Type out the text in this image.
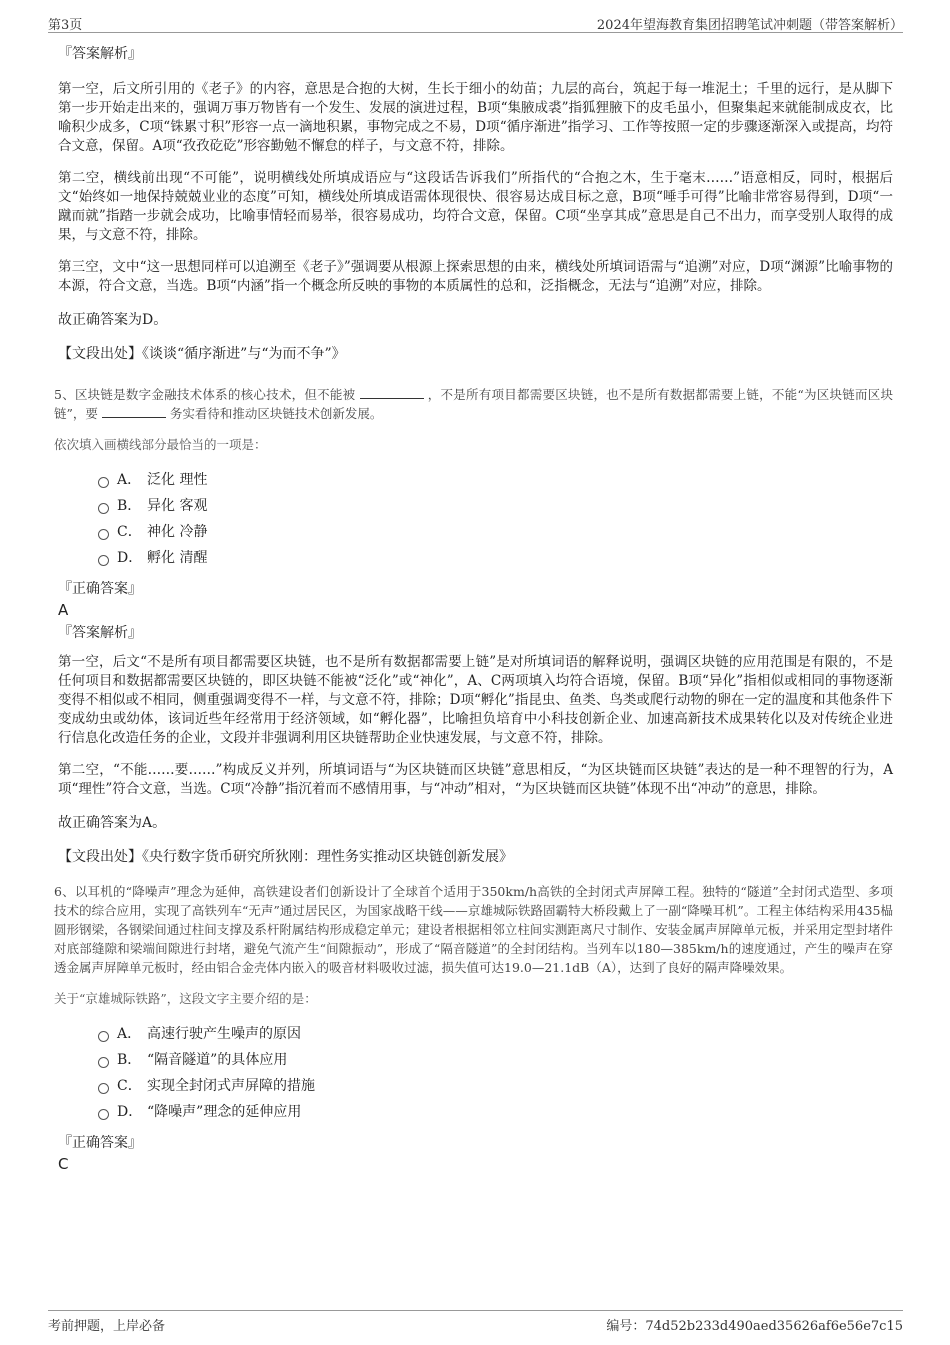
第3页	2024年望海教育集团招聘笔试冲刺题（带答案解析）
『答案解析』

第一空，后文所引用的《老子》的内容，意思是合抱的大树，生长于细小的幼苗；九层的高台，筑起于每一堆泥土；千里的远行，是从脚下第一步开始走出来的，强调万事万物皆有一个发生、发展的演进过程，B项“集腋成裘”指狐狸腋下的皮毛虽小，但聚集起来就能制成皮衣，比喻积少成多，C项“铢累寸积”形容一点一滴地积累，事物完成之不易，D项“循序渐进”指学习、工作等按照一定的步骤逐渐深入或提高，均符合文意，保留。A项“孜孜矻矻”形容勤勉不懈怠的样子，与文意不符，排除。

第二空，横线前出现“不可能”，说明横线处所填成语应与“这段话告诉我们”所指代的“合抱之木，生于毫末……”语意相反，同时，根据后文“始终如一地保持兢兢业业的态度”可知，横线处所填成语需体现很快、很容易达成目标之意，B项“唾手可得”比喻非常容易得到，D项“一蹴而就”指踏一步就会成功，比喻事情轻而易举，很容易成功，均符合文意，保留。C项“坐享其成”意思是自己不出力，而享受别人取得的成果，与文意不符，排除。

第三空，文中“这一思想同样可以追溯至《老子》”强调要从根源上探索思想的由来，横线处所填词语需与“追溯”对应，D项“渊源”比喻事物的本源，符合文意，当选。B项“内涵”指一个概念所反映的事物的本质属性的总和，泛指概念，无法与“追溯”对应，排除。

故正确答案为D。
【文段出处】《谈谈“循序渐进”与“为而不争”》
5、区块链是数字金融技术体系的核心技术，但不能被	，不是所有项目都需要区块链，也不是所有数据都需要上链，不能“为区块链而区块链”，要	务实看待和推动区块链技术创新发展。
依次填入画横线部分最恰当的一项是：
A． 泛化 理性
B． 异化 客观
C． 神化 冷静
D． 孵化 清醒
『正确答案』
A
『答案解析』

第一空，后文“不是所有项目都需要区块链，也不是所有数据都需要上链”是对所填词语的解释说明，强调区块链的应用范围是有限的，不是任何项目和数据都需要区块链的，即区块链不能被“泛化”或“神化”，A、C两项填入均符合语境，保留。B项“异化”指相似或相同的事物逐渐变得不相似或不相同，侧重强调变得不一样，与文意不符，排除；D项“孵化”指昆虫、鱼类、鸟类或爬行动物的卵在一定的温度和其他条件下变成幼虫或幼体，该词近些年经常用于经济领域，如“孵化器”，比喻担负培育中小科技创新企业、加速高新技术成果转化以及对传统企业进行信息化改造任务的企业，文段并非强调利用区块链帮助企业快速发展，与文意不符，排除。

第二空，“不能……要……”构成反义并列，所填词语与“为区块链而区块链”意思相反，“为区块链而区块链”表达的是一种不理智的行为，A项“理性”符合文意，当选。C项“冷静”指沉着而不感情用事，与“冲动”相对，“为区块链而区块链”体现不出“冲动”的意思，排除。

故正确答案为A。
【文段出处】《央行数字货币研究所狄刚：理性务实推动区块链创新发展》
6、以耳机的“降噪声”理念为延伸，高铁建设者们创新设计了全球首个适用于350km/h高铁的全封闭式声屏障工程。独特的“隧道”全封闭式造型、多项技术的综合应用，实现了高铁列车“无声”通过居民区，为国家战略干线——京雄城际铁路固霸特大桥段戴上了一副“降噪耳机”。工程主体结构采用435榀圆形钢梁，各钢梁间通过柱间支撑及系杆附属结构形成稳定单元；建设者根据相邻立柱间实测距离尺寸制作、安装金属声屏障单元板，并采用定型封堵件对底部缝隙和梁端间隙进行封堵，避免气流产生“间隙振动”，形成了“隔音隧道”的全封闭结构。当列车以180—385km/h的速度通过，产生的噪声在穿透金属声屏障单元板时，经由铝合金壳体内嵌入的吸音材料吸收过滤，损失值可达19.0—21.1dB（A），达到了良好的隔声降噪效果。
关于“京雄城际铁路”，这段文字主要介绍的是：
A． 高速行驶产生噪声的原因
B． “隔音隧道”的具体应用
C． 实现全封闭式声屏障的措施
D． “降噪声”理念的延伸应用
『正确答案』
C
考前押题，上岸必备	编号：74d52b233d490aed35626af6e56e7c15
